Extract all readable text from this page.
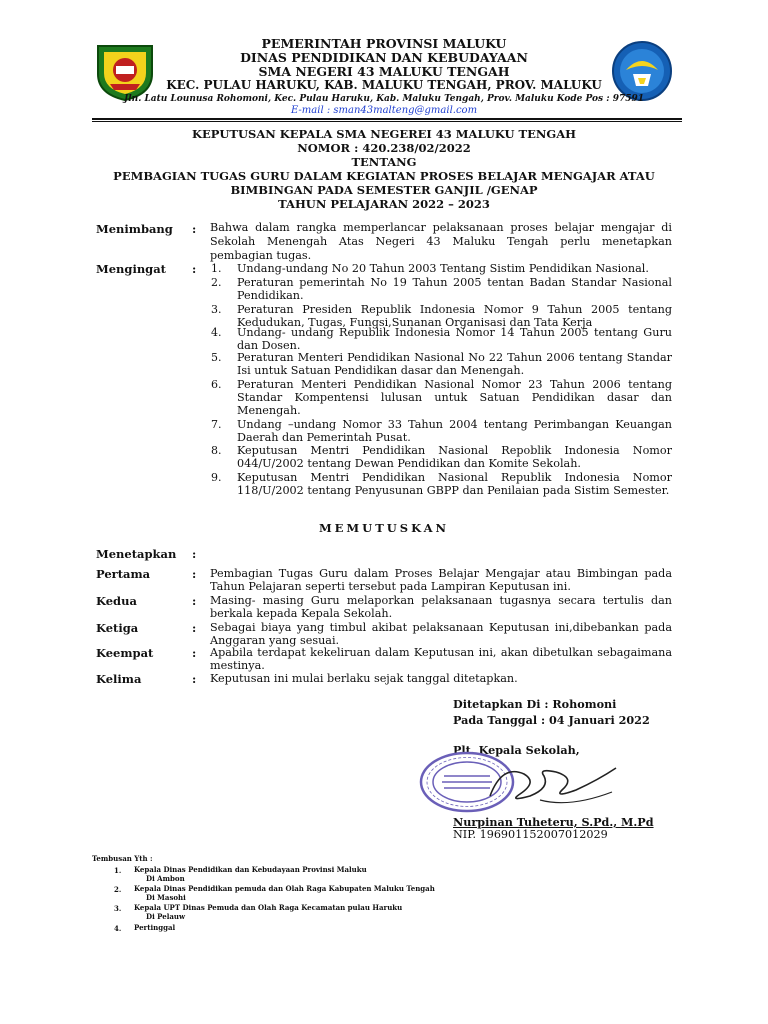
PEMERINTAH PROVINSI MALUKU
DINAS PENDIDIKAN DAN KEBUDAYAAN
SMA NEGERI 43 MALUKU TENGAH
KEC. PULAU HARUKU, KAB. MALUKU TENGAH, PROV. MALUKU
Jln. Latu Lounusa Rohomoni, Kec. Pulau Haruku, Kab. Maluku Tengah, Prov. Maluku Kode Pos : 97591
E-mail : sman43malteng@gmail.com
KEPUTUSAN KEPALA SMA NEGEREI 43 MALUKU TENGAH
NOMOR : 420.238/02/2022
TENTANG
PEMBAGIAN TUGAS GURU DALAM KEGIATAN PROSES BELAJAR MENGAJAR ATAU
BIMBINGAN PADA SEMESTER GANJIL /GENAP
TAHUN PELAJARAN 2022 – 2023
Menimbang : Bahwa dalam rangka memperlancar pelaksanaan proses belajar mengajar di Sekolah Menengah Atas Negeri 43 Maluku Tengah perlu menetapkan pembagian tugas.
Mengingat : 1.	Undang-undang No 20 Tahun 2003 Tentang Sistim Pendidikan Nasional.
2.	Peraturan pemerintah No 19 Tahun 2005 tentan Badan Standar Nasional Pendidikan.
3.	Peraturan Presiden Republik Indonesia Nomor 9 Tahun 2005 tentang Kedudukan, Tugas, Fungsi,Sunanan Organisasi dan Tata Kerja
4.	Undang- undang Republik Indonesia Nomor 14 Tahun 2005 tentang Guru dan Dosen.
5.	Peraturan Menteri Pendidikan Nasional No 22 Tahun 2006 tentang Standar Isi untuk Satuan Pendidikan dasar dan Menengah.
6.	Peraturan Menteri Pendidikan Nasional Nomor 23 Tahun 2006 tentang Standar Kompentensi lulusan untuk Satuan Pendidikan dasar dan Menengah.
7.	Undang –undang Nomor 33 Tahun 2004 tentang Perimbangan Keuangan Daerah dan Pemerintah Pusat.
8.	Keputusan Mentri Pendidikan Nasional Repoblik Indonesia Nomor 044/U/2002 tentang Dewan Pendidikan dan Komite Sekolah.
9.	Keputusan Mentri Pendidikan Nasional Republik Indonesia Nomor 118/U/2002 tentang Penyusunan GBPP dan Penilaian pada Sistim Semester.
MEMUTUSKAN
Menetapkan :
Pertama	: Pembagian Tugas Guru dalam Proses Belajar Mengajar atau Bimbingan pada Tahun Pelajaran seperti tersebut pada Lampiran Keputusan ini.
Kedua	: Masing- masing Guru melaporkan pelaksanaan tugasnya secara tertulis dan berkala kepada Kepala Sekolah.
Ketiga	: Sebagai biaya yang timbul akibat pelaksanaan Keputusan ini,dibebankan pada Anggaran yang sesuai.
Keempat	: Apabila terdapat kekeliruan dalam Keputusan ini, akan dibetulkan sebagaimana mestinya.
Kelima	: Keputusan ini mulai berlaku sejak tanggal ditetapkan.
Ditetapkan Di : Rohomoni
Pada Tanggal : 04 Januari 2022
Plt. Kepala Sekolah,
Nurpinan Tuheteru, S.Pd., M.Pd
NIP. 196901152007012029
Tembusan Yth :
1. Kepala Dinas Pendidikan dan Kebudayaan Provinsi Maluku
Di Ambon
2. Kepala Dinas Pendidikan pemuda dan Olah Raga Kabupaten Maluku Tengah
Di Masohi
3. Kepala UPT Dinas Pemuda dan Olah Raga Kecamatan pulau Haruku
Di Pelauw
4. Pertinggal
